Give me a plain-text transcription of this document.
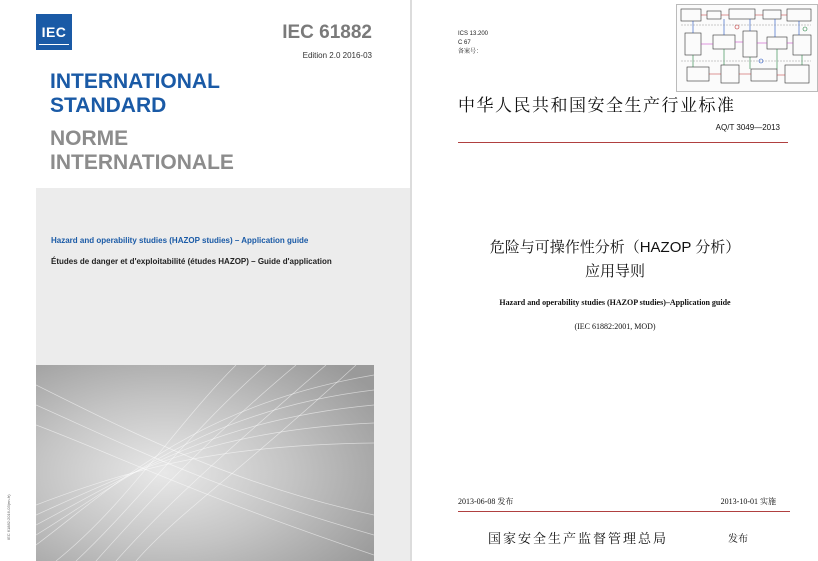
IEC	IEC 61882
Edition 2.0 2016-03
INTERNATIONAL
STANDARD
NORME
INTERNATIONALE
Hazard and operability studies (HAZOP studies) – Application guide
Études de danger et d'exploitabilité (études HAZOP) – Guide d'application
IEC 61882:2016-03(en-fr)
ICS 13.200
C 67
备案号：
中华人民共和国安全生产行业标准
AQ/T 3049—2013
危险与可操作性分析（HAZOP 分析）
应用导则
Hazard and operability studies (HAZOP studies)–Application guide
(IEC 61882:2001, MOD)
2013-06-08 发布	2013-10-01 实施
国家安全生产监督管理总局	发布
